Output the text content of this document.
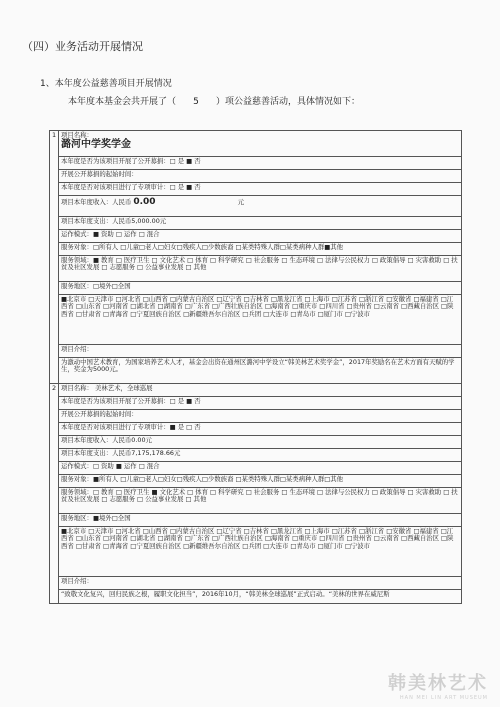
（四）业务活动开展情况
1、本年度公益慈善项目开展情况
本年度本基金会共开展了（ 5 ）项公益慈善活动，具体情况如下：
1	项目名称：
潞河中学奖学金

	本年度是否为该项目开展了公开募捐：□ 是 ■ 否
	开展公开募捐的起始时间：
	本年度是否对该项目进行了专项审计：□ 是 ■ 否
	项目本年度收入：人民币 0.00 元
	项目本年度支出：人民币5,000.00元
	运作模式：■ 资助 □ 运作 □ 混合
	服务对象：□所有人 □儿童□老人□妇女□残疾人□少数族裔 □某类特殊人群□某类病种人群■其他
	服务领域：■ 教育 □ 医疗卫生 □ 文化艺术 □ 体育 □ 科学研究 □ 社会服务 □ 生态环境 □ 法律与公民权力 □ 政策倡导 □ 灾害救助 □ 扶贫及社区发展 □ 志愿服务 □ 公益事业发展 □ 其他
	服务地区：□境外□全国
	■北京市 □天津市 □河北省 □山西省 □内蒙古自治区 □辽宁省 □吉林省 □黑龙江省 □上海市 □江苏省 □浙江省 □安徽省 □福建省 □江西省 □山东省 □河南省 □湖北省 □湖南省 □广东省 □广西壮族自治区 □海南省 □重庆市 □四川省 □贵州省 □云南省 □西藏自治区 □陕西省 □甘肃省 □青海省 □宁夏回族自治区 □新疆维吾尔自治区 □兵团 □大连市 □青岛市 □厦门市 □宁波市
	项目介绍：
	为激动中国艺术教育，为国家培养艺术人才，基金会出资在通州区潞河中学设立“韩美林艺术奖学金”，2017年奖励名在艺术方面有天赋的学生，奖金为5000元。
2	项目名称： 美林艺术，全球巡展
	本年度是否为该项目开展了公开募捐：□ 是 ■ 否
	开展公开募捐的起始时间：
	本年度是否对该项目进行了专项审计：■ 是 □ 否
	项目本年度收入：人民币0.00元
	项目本年度支出：人民币7,175,178.66元
	运作模式：□ 资助 ■ 运作 □ 混合
	服务对象：■所有人 □儿童□老人□妇女□残疾人□少数族裔 □某类特殊人群□某类病种人群□其他
	服务领域：□ 教育 □ 医疗卫生 ■ 文化艺术 □ 体育 □ 科学研究 □ 社会服务 □ 生态环境 □ 法律与公民权力 □ 政策倡导 □ 灾害救助 □ 扶贫及社区发展 □ 志愿服务 □ 公益事业发展 □ 其他
	服务地区：■境外□全国
	■北京市 □天津市 □河北省 □山西省 □内蒙古自治区 □辽宁省 □吉林省 □黑龙江省 □上海市 □江苏省 □浙江省 □安徽省 □福建省 □江西省 □山东省 □河南省 □湖北省 □湖南省 □广东省 □广西壮族自治区 □海南省 □重庆市 □四川省 □贵州省 □云南省 □西藏自治区 □陕西省 □甘肃省 □青海省 □宁夏回族自治区 □新疆维吾尔自治区 □兵团 □大连市 □青岛市 □厦门市 □宁波市
	项目介绍：
	“致敬文化复兴，回归民族之根，履职文化担当”，2016年10月，“韩美林全球巡展”正式启动。“美林的世界在威尼斯
韩美林艺术
HAN MEI LIN ART MUSEUM
